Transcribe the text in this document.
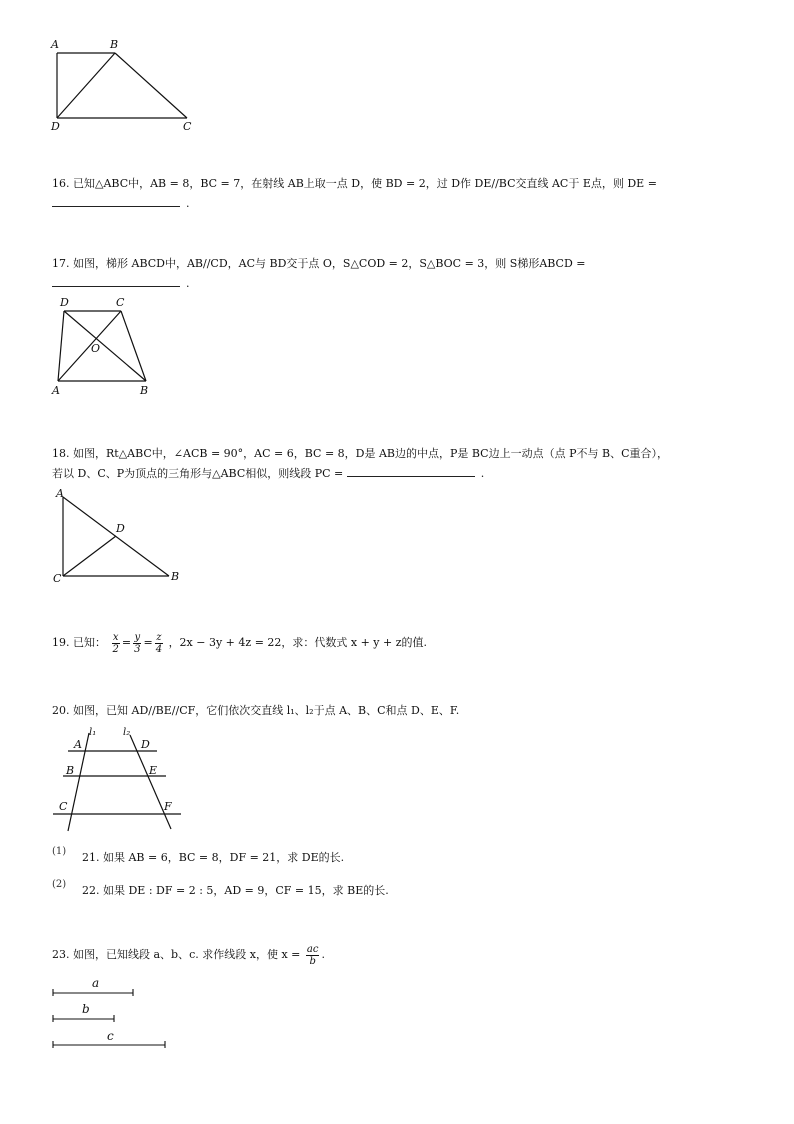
A	B
D	C
16. 已知△ABC中，AB = 8，BC = 7，在射线 AB上取一点 D，使 BD = 2，过 D作 DE//BC交直线 AC于 E点，则 DE =
.
17. 如图，梯形 ABCD中，AB//CD，AC与 BD交于点 O，S△COD = 2，S△BOC = 3，则 S梯形ABCD =
.
D	C
O
A	B
18. 如图，Rt△ABC中，∠ACB = 90°，AC = 6，BC = 8，D是 AB边的中点，P是 BC边上一动点（点 P不与 B、C重合），
若以 D、C、P为顶点的三角形与△ABC相似，则线段 PC =	.
A
D
C	B
19. 已知： $\frac{x}{2} = \frac{y}{3} = \frac{z}{4}$ ，2x − 3y + 4z = 22，求：代数式 x + y + z的值.
20. 如图，已知 AD//BE//CF，它们依次交直线 l₁、l₂于点 A、B、C和点 D、E、F.
l₁	l₂
A	D
B	E
C	F
(1) 21. 如果 AB = 6，BC = 8，DF = 21，求 DE的长.
(2) 22. 如果 DE : DF = 2 : 5，AD = 9，CF = 15，求 BE的长.
23. 如图，已知线段 a、b、c. 求作线段 x，使 $x = \frac{ac}{b}$ .
a
b
c
